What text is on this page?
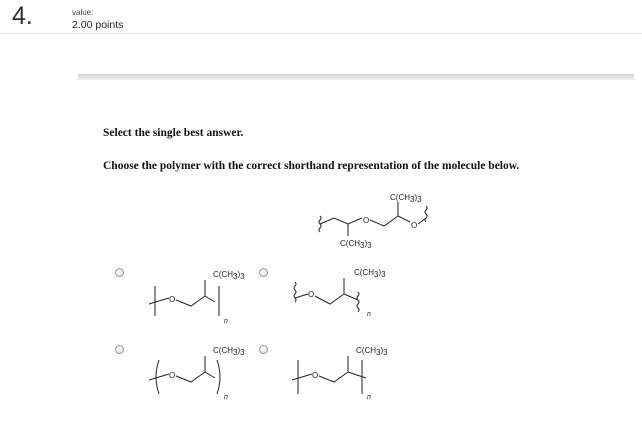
4.	value:
2.00 points
Select the single best answer.
Choose the polymer with the correct shorthand representation of the molecule below.
O
O
C(CH3)3
C(CH3)3
O
n
C(CH3)3
O
n
C(CH3)3
O
n
C(CH3)3
O
n
C(CH3)3
